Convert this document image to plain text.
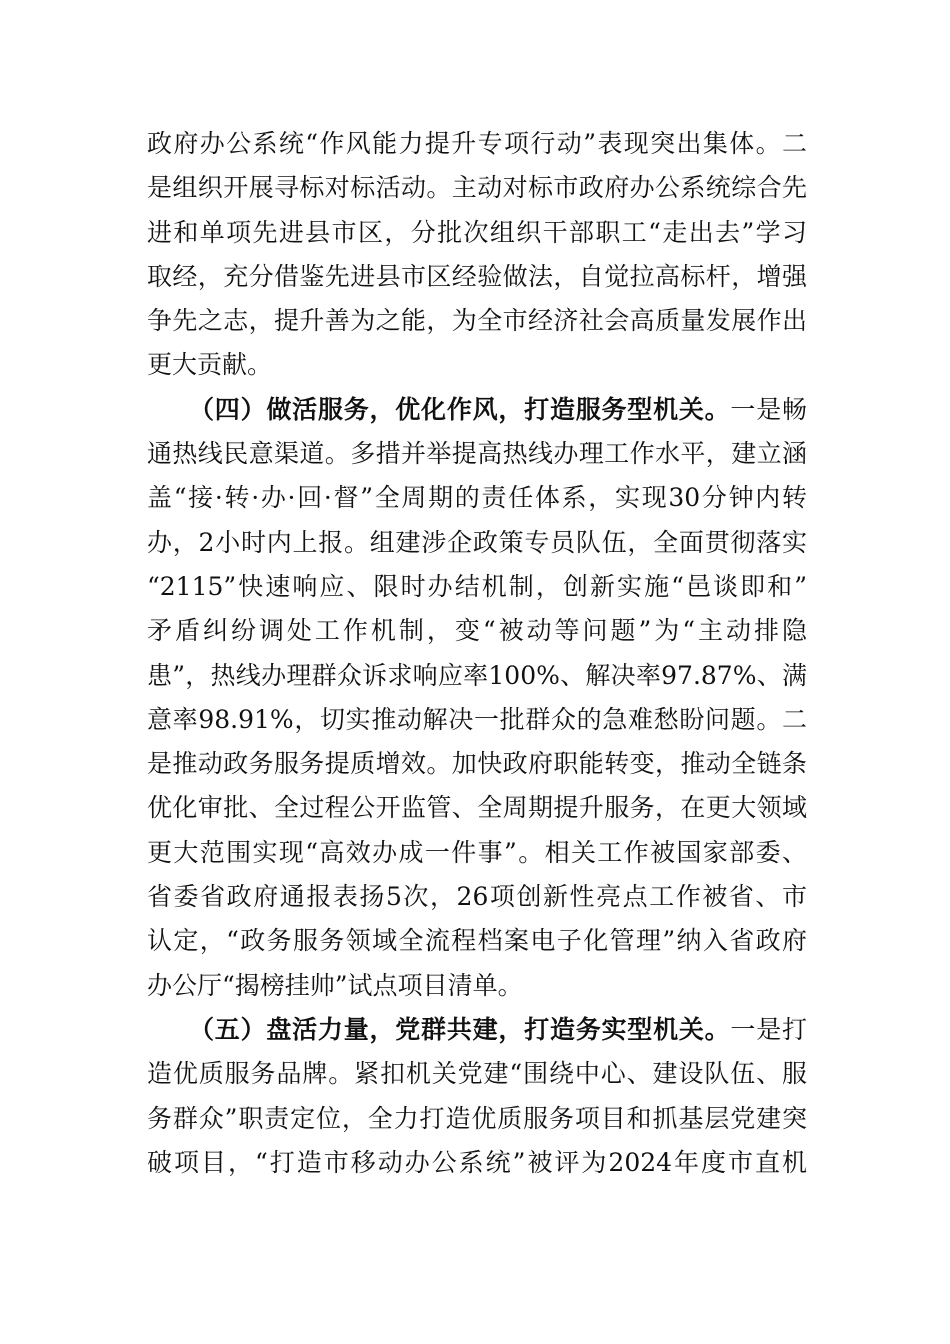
政府办公系统“作风能力提升专项行动”表现突出集体。二
是组织开展寻标对标活动。主动对标市政府办公系统综合先
进和单项先进县市区，分批次组织干部职工“走出去”学习
取经，充分借鉴先进县市区经验做法，自觉拉高标杆，增强
争先之志，提升善为之能，为全市经济社会高质量发展作出
更大贡献。
（四）做活服务，优化作风，打造服务型机关。一是畅
通热线民意渠道。多措并举提高热线办理工作水平，建立涵
盖“接·转·办·回·督”全周期的责任体系，实现30分钟内转
办，2小时内上报。组建涉企政策专员队伍，全面贯彻落实
“2115”快速响应、限时办结机制，创新实施“邑谈即和”
矛盾纠纷调处工作机制，变“被动等问题”为“主动排隐
患”，热线办理群众诉求响应率100%、解决率97.87%、满
意率98.91%，切实推动解决一批群众的急难愁盼问题。二
是推动政务服务提质增效。加快政府职能转变，推动全链条
优化审批、全过程公开监管、全周期提升服务，在更大领域
更大范围实现“高效办成一件事”。相关工作被国家部委、
省委省政府通报表扬5次，26项创新性亮点工作被省、市
认定，“政务服务领域全流程档案电子化管理”纳入省政府
办公厅“揭榜挂帅”试点项目清单。
（五）盘活力量，党群共建，打造务实型机关。一是打
造优质服务品牌。紧扣机关党建“围绕中心、建设队伍、服
务群众”职责定位，全力打造优质服务项目和抓基层党建突
破项目，“打造市移动办公系统”被评为2024年度市直机
